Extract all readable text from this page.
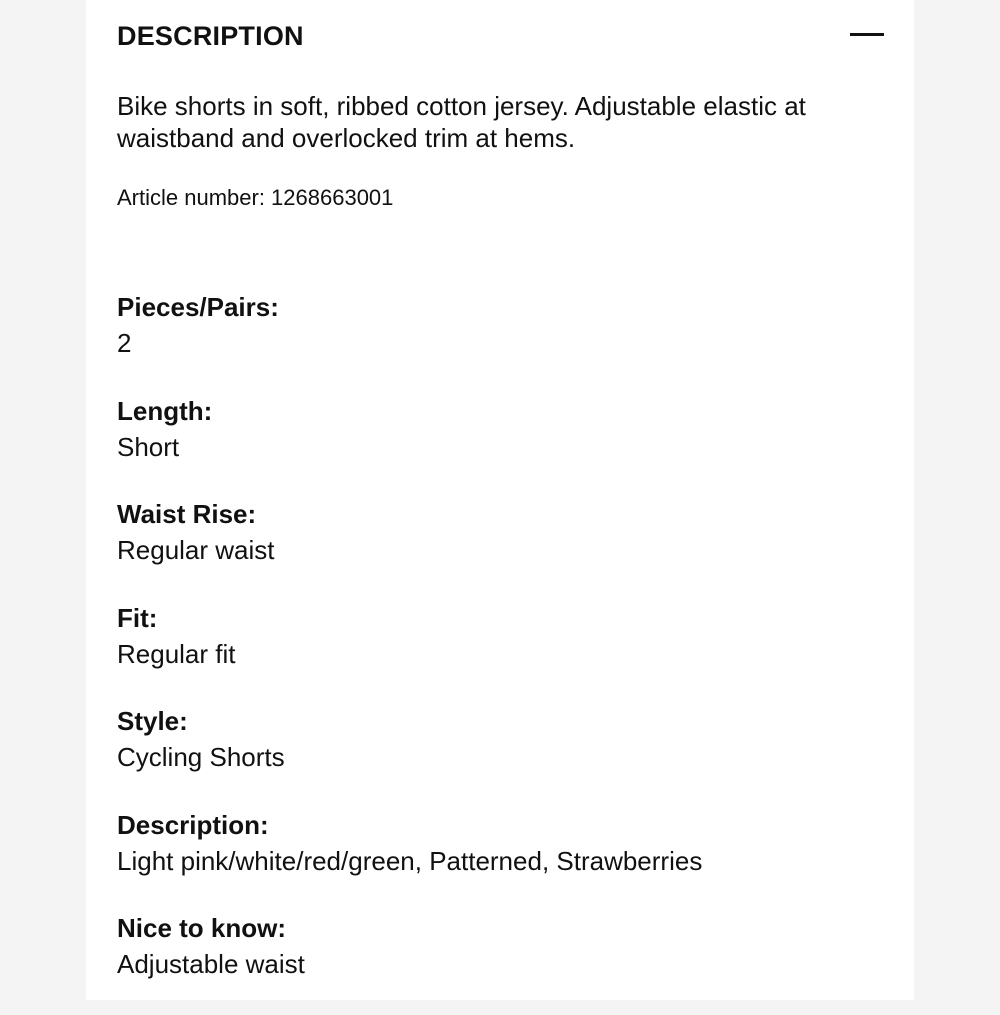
DESCRIPTION

Bike shorts in soft, ribbed cotton jersey. Adjustable elastic at waistband and overlocked trim at hems.

Article number: 1268663001

Pieces/Pairs:
2
Length:
Short
Waist Rise:
Regular waist
Fit:
Regular fit
Style:
Cycling Shorts
Description:
Light pink/white/red/green, Patterned, Strawberries
Nice to know:
Adjustable waist
